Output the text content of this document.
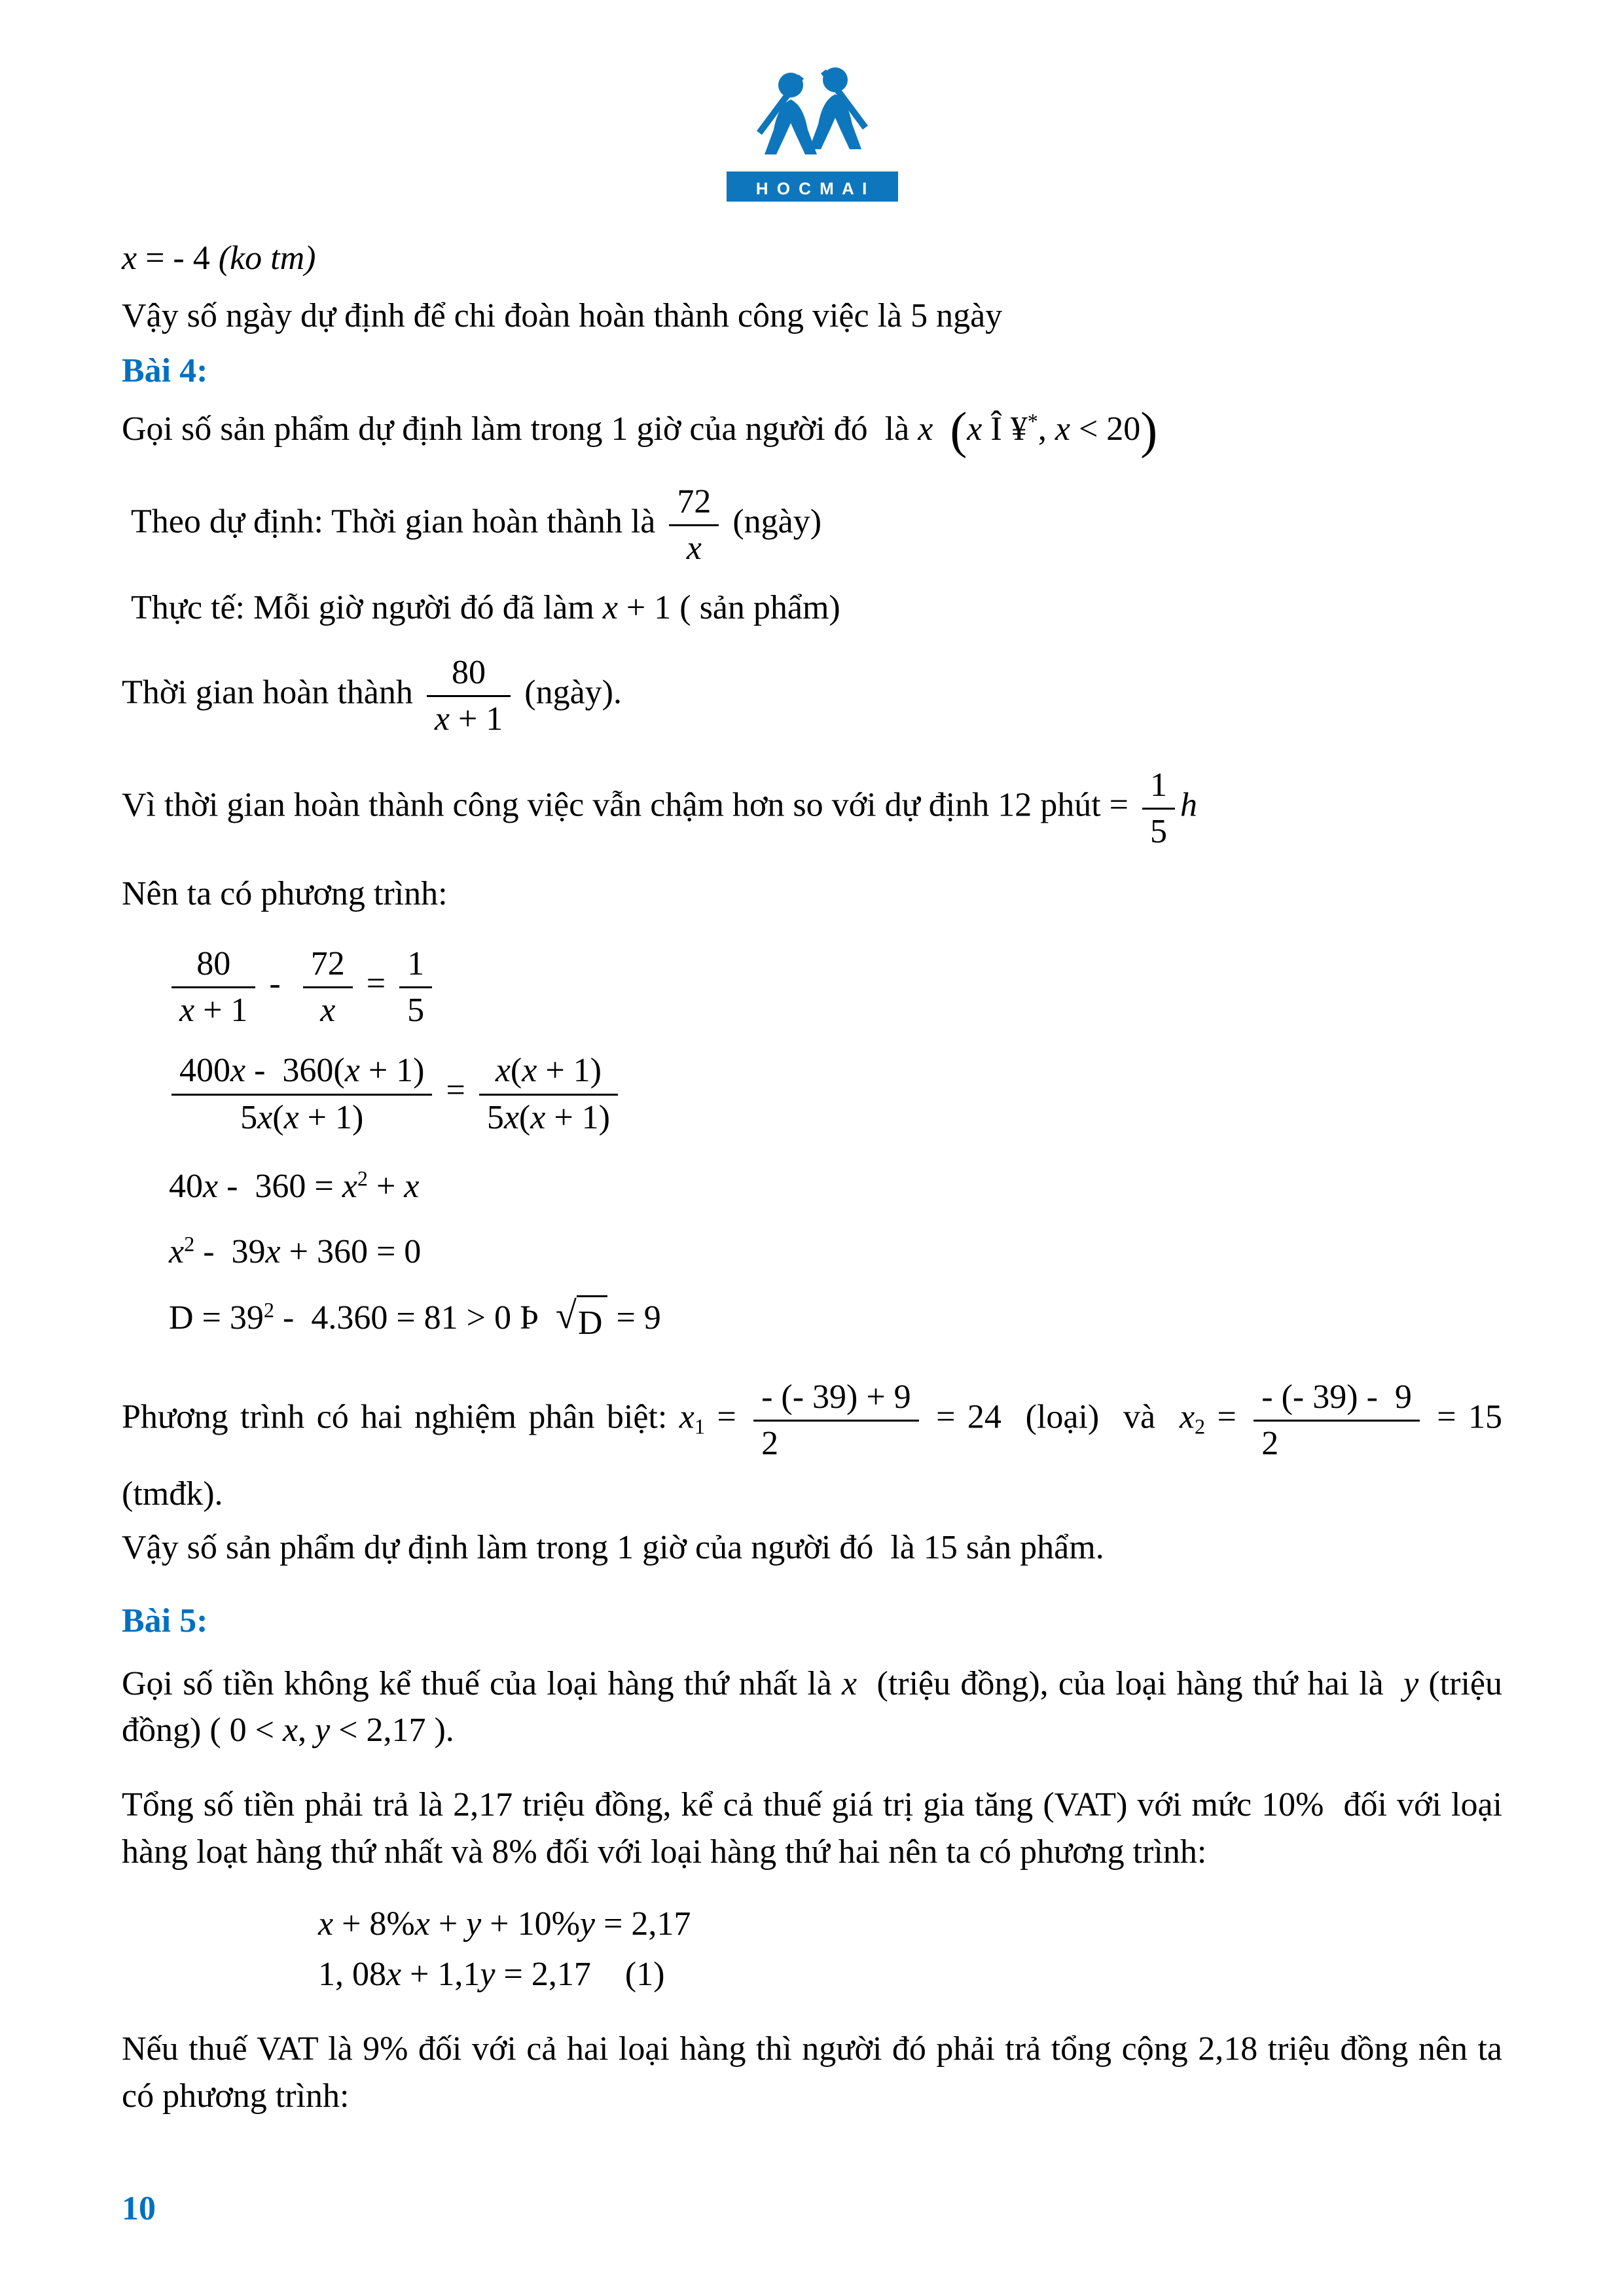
H O C M A I

x = - 4 (ko tm)

Vậy số ngày dự định để chi đoàn hoàn thành công việc là 5 ngày

Bài 4:

Gọi số sản phẩm dự định làm trong 1 giờ của người đó  là x (x Î ¥*, x < 20)

Theo dự định: Thời gian hoàn thành là $\frac{72}{x}$ (ngày)

Thực tế: Mỗi giờ người đó đã làm x + 1 ( sản phẩm)

Thời gian hoàn thành $\frac{80}{x + 1}$ (ngày).

Vì thời gian hoàn thành công việc vẫn chậm hơn so với dự định 12 phút = $\frac{1}{5}$ h

Nên ta có phương trình:

$\frac{80}{x + 1} - \frac{72}{x} = \frac{1}{5}$

$\frac{400x - 360(x + 1)}{5x(x + 1)} = \frac{x(x + 1)}{5x(x + 1)}$

$40x - 360 = x^2 + x$

$x^2 - 39x + 360 = 0$

$D = 39^2 - 4.360 = 81 > 0$ Þ √ D = 9

Phương trình có hai nghiệm phân biệt: $x_1 = \frac{- (- 39) + 9}{2} = 24$  (loại)  và  $x_2 = \frac{- (- 39) - 9}{2} = 15$

(tmđk).

Vậy số sản phẩm dự định làm trong 1 giờ của người đó  là 15 sản phẩm.

Bài 5:

Gọi số tiền không kể thuế của loại hàng thứ nhất là x  (triệu đồng), của loại hàng thứ hai là  y (triệu đồng) ( 0 < x, y < 2,17 ).

Tổng số tiền phải trả là 2,17 triệu đồng, kể cả thuế giá trị gia tăng (VAT) với mức 10%  đối với loại hàng loạt hàng thứ nhất và 8% đối với loại hàng thứ hai nên ta có phương trình:

x + 8%x + y + 10%y = 2,17

1, 08x + 1,1y = 2,17    (1)

Nếu thuế VAT là 9% đối với cả hai loại hàng thì người đó phải trả tổng cộng 2,18 triệu đồng nên ta có phương trình:

10
